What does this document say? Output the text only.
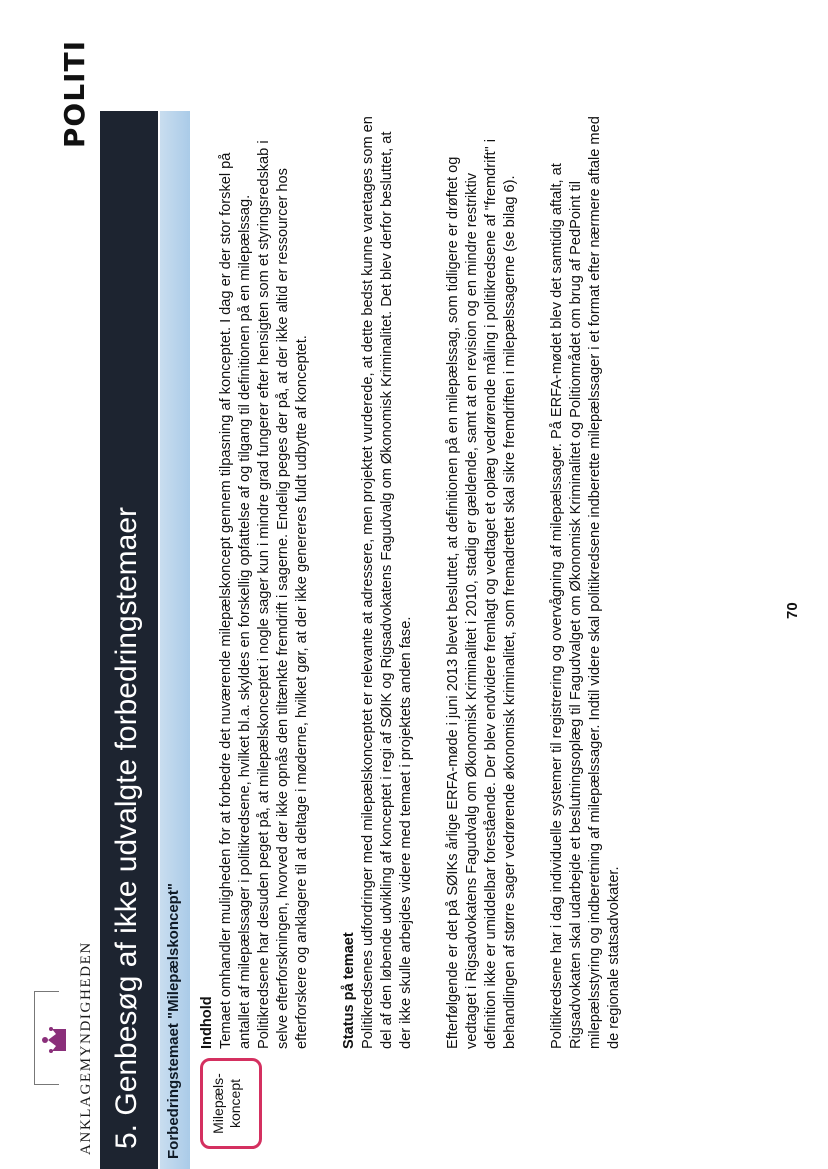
ANKLAGEMYNDIGHEDEN
POLITI
5. Genbesøg af ikke udvalgte forbedringstemaer Forbedringstemaet "Milepælskoncept" Milepæls-
koncept
Indhold Temaet omhandler muligheden for at forbedre det nuværende milepælskoncept gennem tilpasning af konceptet. I dag er der stor forskel på antallet af milepælssager i politikredsene, hvilket bl.a. skyldes en forskellig opfattelse af og tilgang til definitionen på en milepælssag. Politikredsene har desuden peget på, at milepælskonceptet i nogle sager kun i mindre grad fungerer efter hensigten som et styringsredskab i selve efterforskningen, hvorved der ikke opnås den tiltænkte fremdrift i sagerne. Endelig peges der på, at der ikke altid er ressourcer hos efterforskere og anklagere til at deltage i møderne, hvilket gør, at der ikke genereres fuldt udbytte af konceptet. Status på temaet Politikredsenes udfordringer med milepælskonceptet er relevante at adressere, men projektet vurderede, at dette bedst kunne varetages som en del af den løbende udvikling af konceptet i regi af SØIK og Rigsadvokatens Fagudvalg om Økonomisk Kriminalitet. Det blev derfor besluttet, at der ikke skulle arbejdes videre med temaet i projektets anden fase. Efterfølgende er det på SØIKs årlige ERFA-møde i juni 2013 blevet besluttet, at definitionen på en milepælssag, som tidligere er drøftet og vedtaget i Rigsadvokatens Fagudvalg om Økonomisk Kriminalitet i 2010, stadig er gældende, samt at en revision og en mindre restriktiv definition ikke er umiddelbar forestående. Der blev endvidere fremlagt og vedtaget et oplæg vedrørende måling i politikredsene af "fremdrift" i behandlingen af større sager vedrørende økonomisk kriminalitet, som fremadrettet skal sikre fremdriften i milepælssagerne (se bilag 6). Politikredsene har i dag individuelle systemer til registrering og overvågning af milepælssager. På ERFA-mødet blev det samtidig aftalt, at Rigsadvokaten skal udarbejde et beslutningsoplæg til Fagudvalget om Økonomisk Kriminalitet og Politiområdet om brug af PedPoint til milepælsstyring og indberetning af milepælssager. Indtil videre skal politikredsene indberette milepælssager i et format efter nærmere aftale med de regionale statsadvokater.

70
